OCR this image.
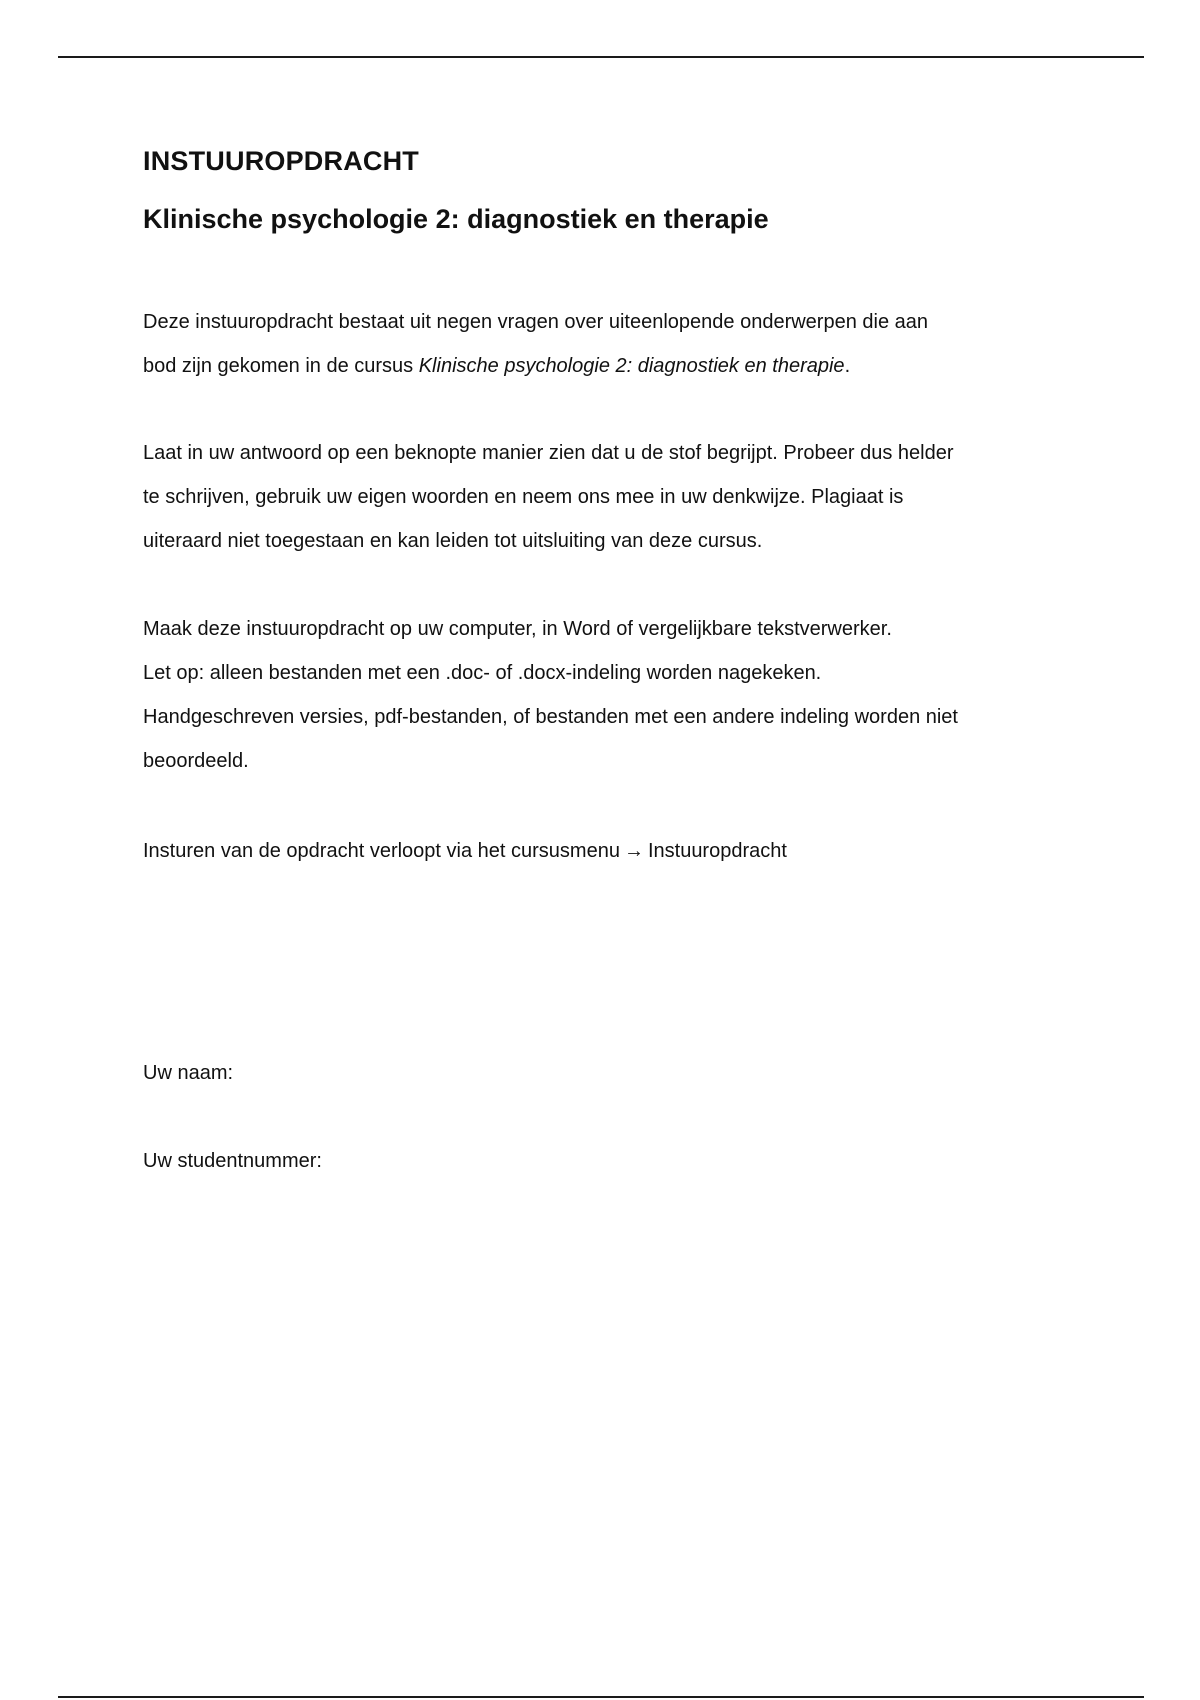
INSTUUROPDRACHT
Klinische psychologie 2: diagnostiek en therapie

Deze instuuropdracht bestaat uit negen vragen over uiteenlopende onderwerpen die aan
bod zijn gekomen in de cursus Klinische psychologie 2: diagnostiek en therapie.

Laat in uw antwoord op een beknopte manier zien dat u de stof begrijpt. Probeer dus helder
te schrijven, gebruik uw eigen woorden en neem ons mee in uw denkwijze. Plagiaat is
uiteraard niet toegestaan en kan leiden tot uitsluiting van deze cursus.

Maak deze instuuropdracht op uw computer, in Word of vergelijkbare tekstverwerker.
Let op: alleen bestanden met een .doc- of .docx-indeling worden nagekeken.
Handgeschreven versies, pdf-bestanden, of bestanden met een andere indeling worden niet
beoordeeld.

Insturen van de opdracht verloopt via het cursusmenu → Instuuropdracht

Uw naam:
Uw studentnummer:
